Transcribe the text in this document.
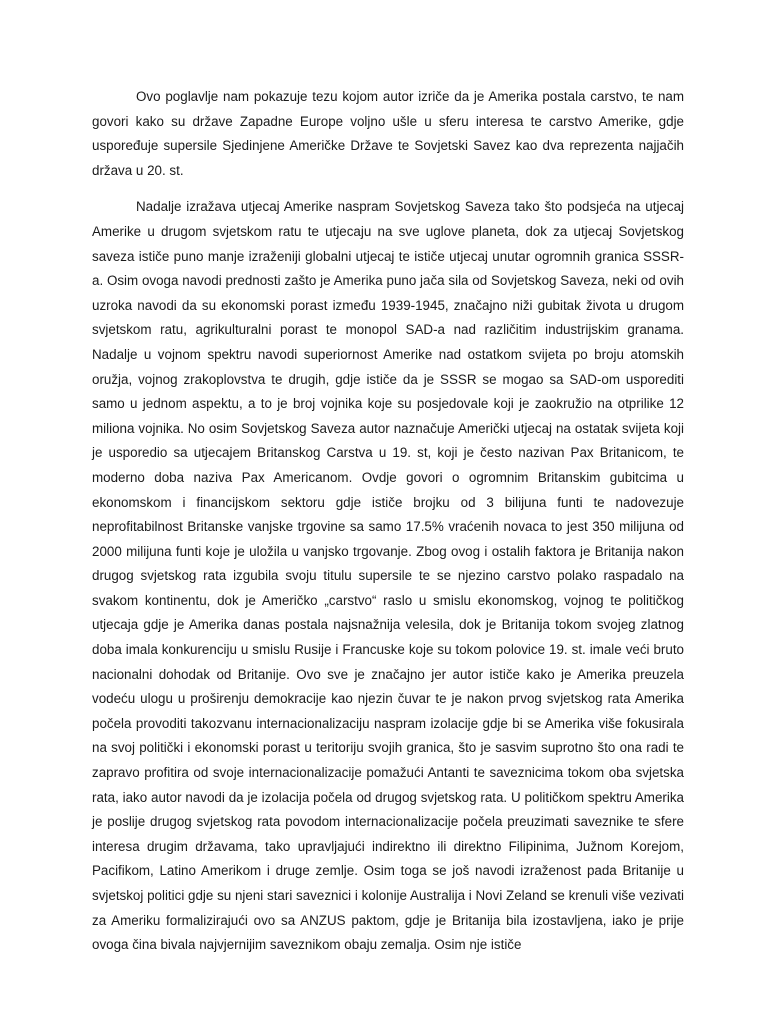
Ovo poglavlje nam pokazuje tezu kojom autor izriče da je Amerika postala carstvo, te nam govori kako su države Zapadne Europe voljno ušle u sferu interesa te carstvo Amerike, gdje uspoređuje supersile Sjedinjene Američke Države te Sovjetski Savez kao dva reprezenta najjačih država u 20. st.

Nadalje izražava utjecaj Amerike naspram Sovjetskog Saveza tako što podsjeća na utjecaj Amerike u drugom svjetskom ratu te utjecaju na sve uglove planeta, dok za utjecaj Sovjetskog saveza ističe puno manje izraženiji globalni utjecaj te ističe utjecaj unutar ogromnih granica SSSR-a. Osim ovoga navodi prednosti zašto je Amerika puno jača sila od Sovjetskog Saveza, neki od ovih uzroka navodi da su ekonomski porast između 1939-1945, značajno niži gubitak života u drugom svjetskom ratu, agrikulturalni porast te monopol SAD-a nad različitim industrijskim granama. Nadalje u vojnom spektru navodi superiornost Amerike nad ostatkom svijeta po broju atomskih oružja, vojnog zrakoplovstva te drugih, gdje ističe da je SSSR se mogao sa SAD-om usporediti samo u jednom aspektu, a to je broj vojnika koje su posjedovale koji je zaokružio na otprilike 12 miliona vojnika. No osim Sovjetskog Saveza autor naznačuje Američki utjecaj na ostatak svijeta koji je usporedio sa utjecajem Britanskog Carstva u 19. st, koji je često nazivan Pax Britanicom, te moderno doba naziva Pax Americanom. Ovdje govori o ogromnim Britanskim gubitcima u ekonomskom i financijskom sektoru gdje ističe brojku od 3 bilijuna funti te nadovezuje neprofitabilnost Britanske vanjske trgovine sa samo 17.5% vraćenih novaca to jest 350 milijuna od 2000 milijuna funti koje je uložila u vanjsko trgovanje. Zbog ovog i ostalih faktora je Britanija nakon drugog svjetskog rata izgubila svoju titulu supersile te se njezino carstvo polako raspadalo na svakom kontinentu, dok je Američko „carstvo“ raslo u smislu ekonomskog, vojnog te političkog utjecaja gdje je Amerika danas postala najsnažnija velesila, dok je Britanija tokom svojeg zlatnog doba imala konkurenciju u smislu Rusije i Francuske koje su tokom polovice 19. st. imale veći bruto nacionalni dohodak od Britanije. Ovo sve je značajno jer autor ističe kako je Amerika preuzela vodeću ulogu u proširenju demokracije kao njezin čuvar te je nakon prvog svjetskog rata Amerika počela provoditi takozvanu internacionalizaciju naspram izolacije gdje bi se Amerika više fokusirala na svoj politički i ekonomski porast u teritoriju svojih granica, što je sasvim suprotno što ona radi te zapravo profitira od svoje internacionalizacije pomažući Antanti te saveznicima tokom oba svjetska rata, iako autor navodi da je izolacija počela od drugog svjetskog rata. U političkom spektru Amerika je poslije drugog svjetskog rata povodom internacionalizacije počela preuzimati saveznike te sfere interesa drugim državama, tako upravljajući indirektno ili direktno Filipinima, Južnom Korejom, Pacifikom, Latino Amerikom i druge zemlje. Osim toga se još navodi izraženost pada Britanije u svjetskoj politici gdje su njeni stari saveznici i kolonije Australija i Novi Zeland se krenuli više vezivati za Ameriku formalizirajući ovo sa ANZUS paktom, gdje je Britanija bila izostavljena, iako je prije ovoga čina bivala najvjernijim saveznikom obaju zemalja. Osim nje ističe
